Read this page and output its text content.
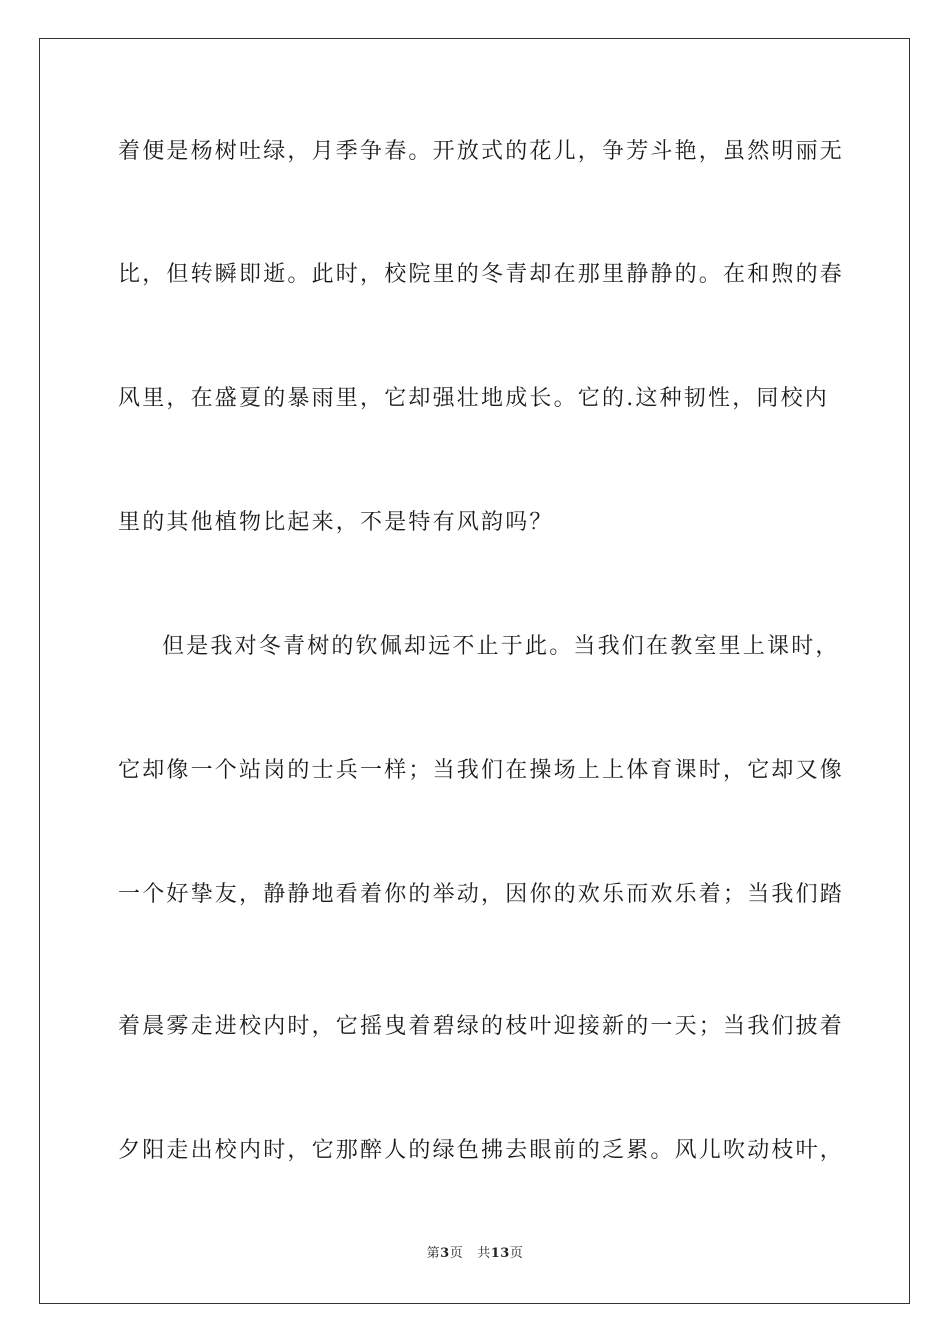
着便是杨树吐绿，月季争春。开放式的花儿，争芳斗艳，虽然明丽无
比，但转瞬即逝。此时，校院里的冬青却在那里静静的。在和煦的春
风里，在盛夏的暴雨里，它却强壮地成长。它的.这种韧性，同校内
里的其他植物比起来，不是特有风韵吗？
但是我对冬青树的钦佩却远不止于此。当我们在教室里上课时，
它却像一个站岗的士兵一样；当我们在操场上上体育课时，它却又像
一个好挚友，静静地看着你的举动，因你的欢乐而欢乐着；当我们踏
着晨雾走进校内时，它摇曳着碧绿的枝叶迎接新的一天；当我们披着
夕阳走出校内时，它那醉人的绿色拂去眼前的乏累。风儿吹动枝叶，
第3页 共13页
